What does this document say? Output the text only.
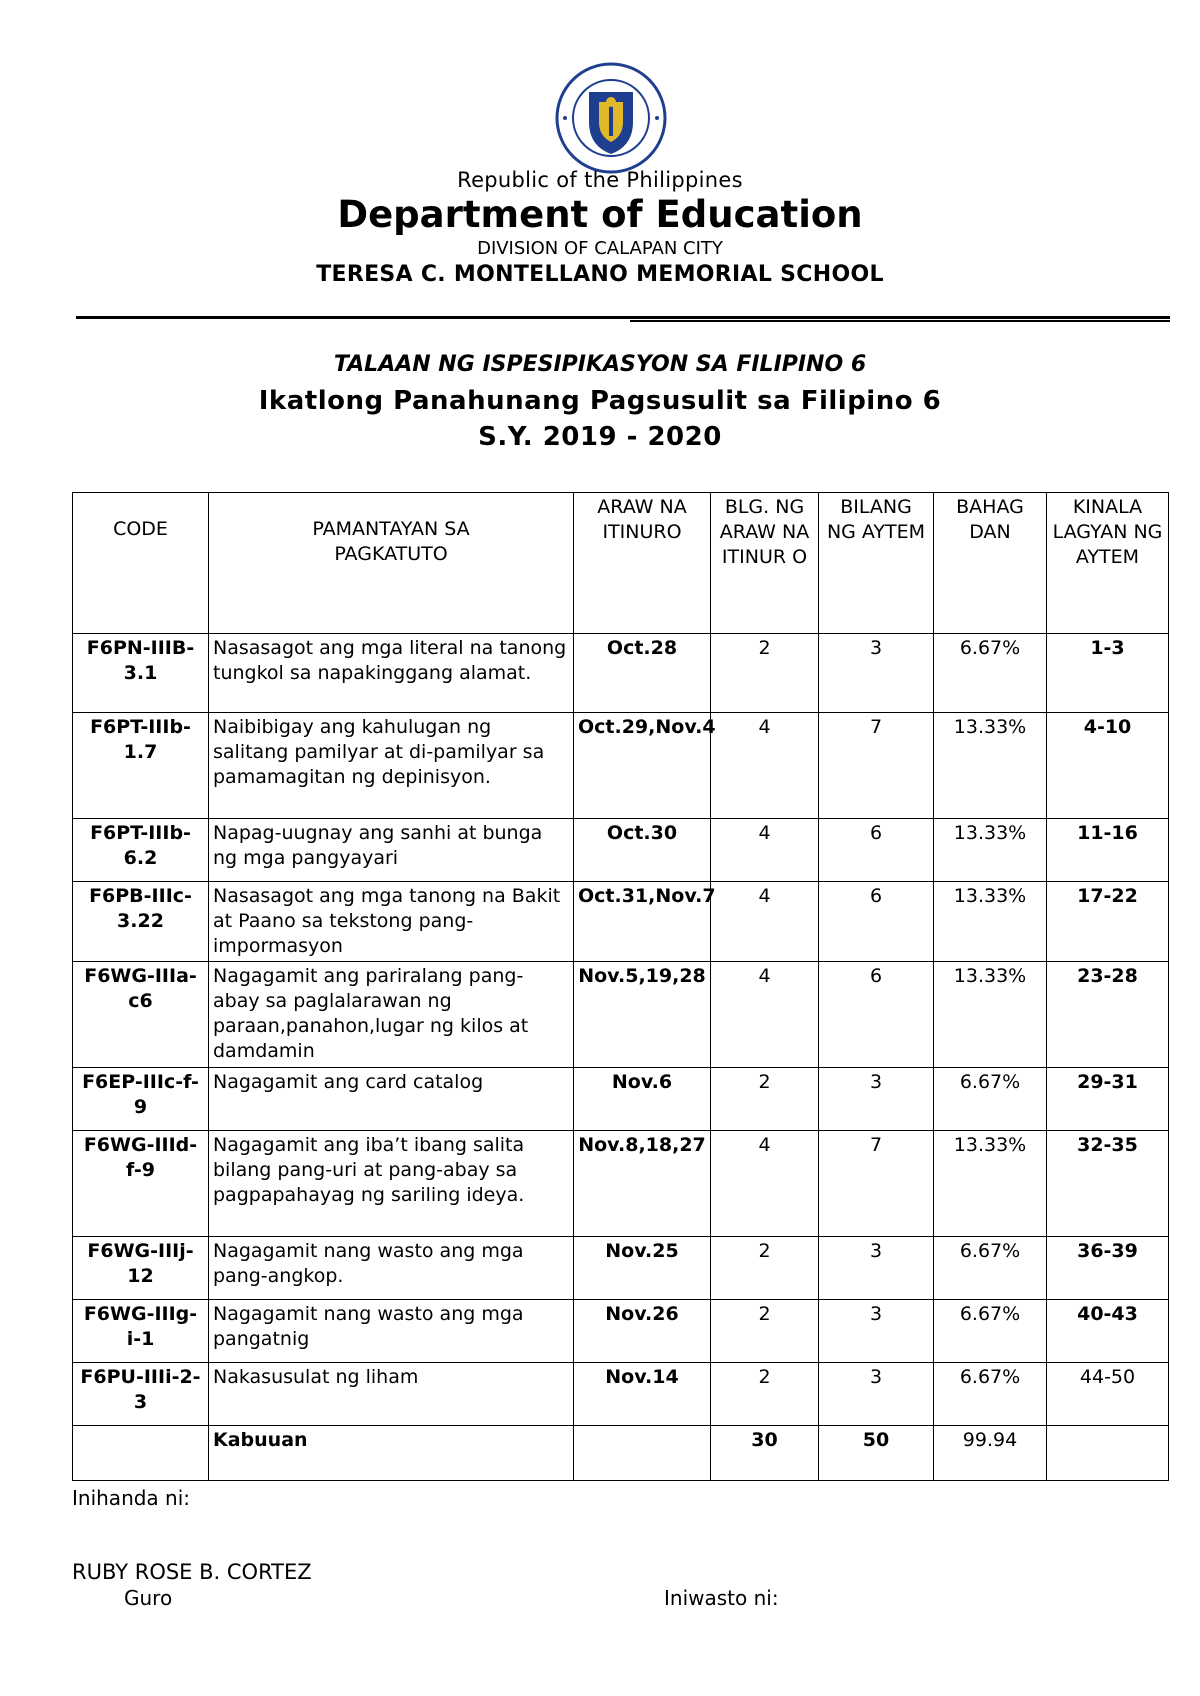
Republic of the Philippines
Department of Education
DIVISION OF CALAPAN CITY
TERESA C. MONTELLANO MEMORIAL SCHOOL
TALAAN NG ISPESIPIKASYON SA FILIPINO 6
Ikatlong Panahunang Pagsusulit sa Filipino 6
S.Y. 2019 - 2020
CODE	PAMANTAYAN SA PAGKATUTO	ARAW NA ITINURO	BLG. NG ARAW NA ITINUR O	BILANG NG AYTEM	BAHAG DAN	KINALA LAGYAN NG AYTEM
F6PN-IIIB-3.1	Nasasagot ang mga literal na tanong tungkol sa napakinggang alamat.	Oct.28	2	3	6.67%	1-3
F6PT-IIIb-1.7	Naibibigay ang kahulugan ng salitang pamilyar at di-pamilyar sa pamamagitan ng depinisyon.	Oct.29,Nov.4	4	7	13.33%	4-10
F6PT-IIIb-6.2	Napag-uugnay ang sanhi at bunga ng mga pangyayari	Oct.30	4	6	13.33%	11-16
F6PB-IIIc-3.22	Nasasagot ang mga tanong na Bakit at Paano sa tekstong pang-impormasyon	Oct.31,Nov.7	4	6	13.33%	17-22
F6WG-IIIa-c6	Nagagamit ang pariralang pang-abay sa paglalarawan ng paraan,panahon,lugar ng kilos at damdamin	Nov.5,19,28	4	6	13.33%	23-28
F6EP-IIIc-f-9	Nagagamit ang card catalog	Nov.6	2	3	6.67%	29-31
F6WG-IIId-f-9	Nagagamit ang iba’t ibang salita bilang pang-uri at pang-abay sa pagpapahayag ng sariling ideya.	Nov.8,18,27	4	7	13.33%	32-35
F6WG-IIIj-12	Nagagamit nang wasto ang mga pang-angkop.	Nov.25	2	3	6.67%	36-39
F6WG-IIIg-i-1	Nagagamit nang wasto ang mga pangatnig	Nov.26	2	3	6.67%	40-43
F6PU-IIIi-2-3	Nakasusulat ng liham	Nov.14	2	3	6.67%	44-50
	Kabuuan		30	50	99.94	
Inihanda ni:
RUBY ROSE B. CORTEZ
Guro	Iniwasto ni:
